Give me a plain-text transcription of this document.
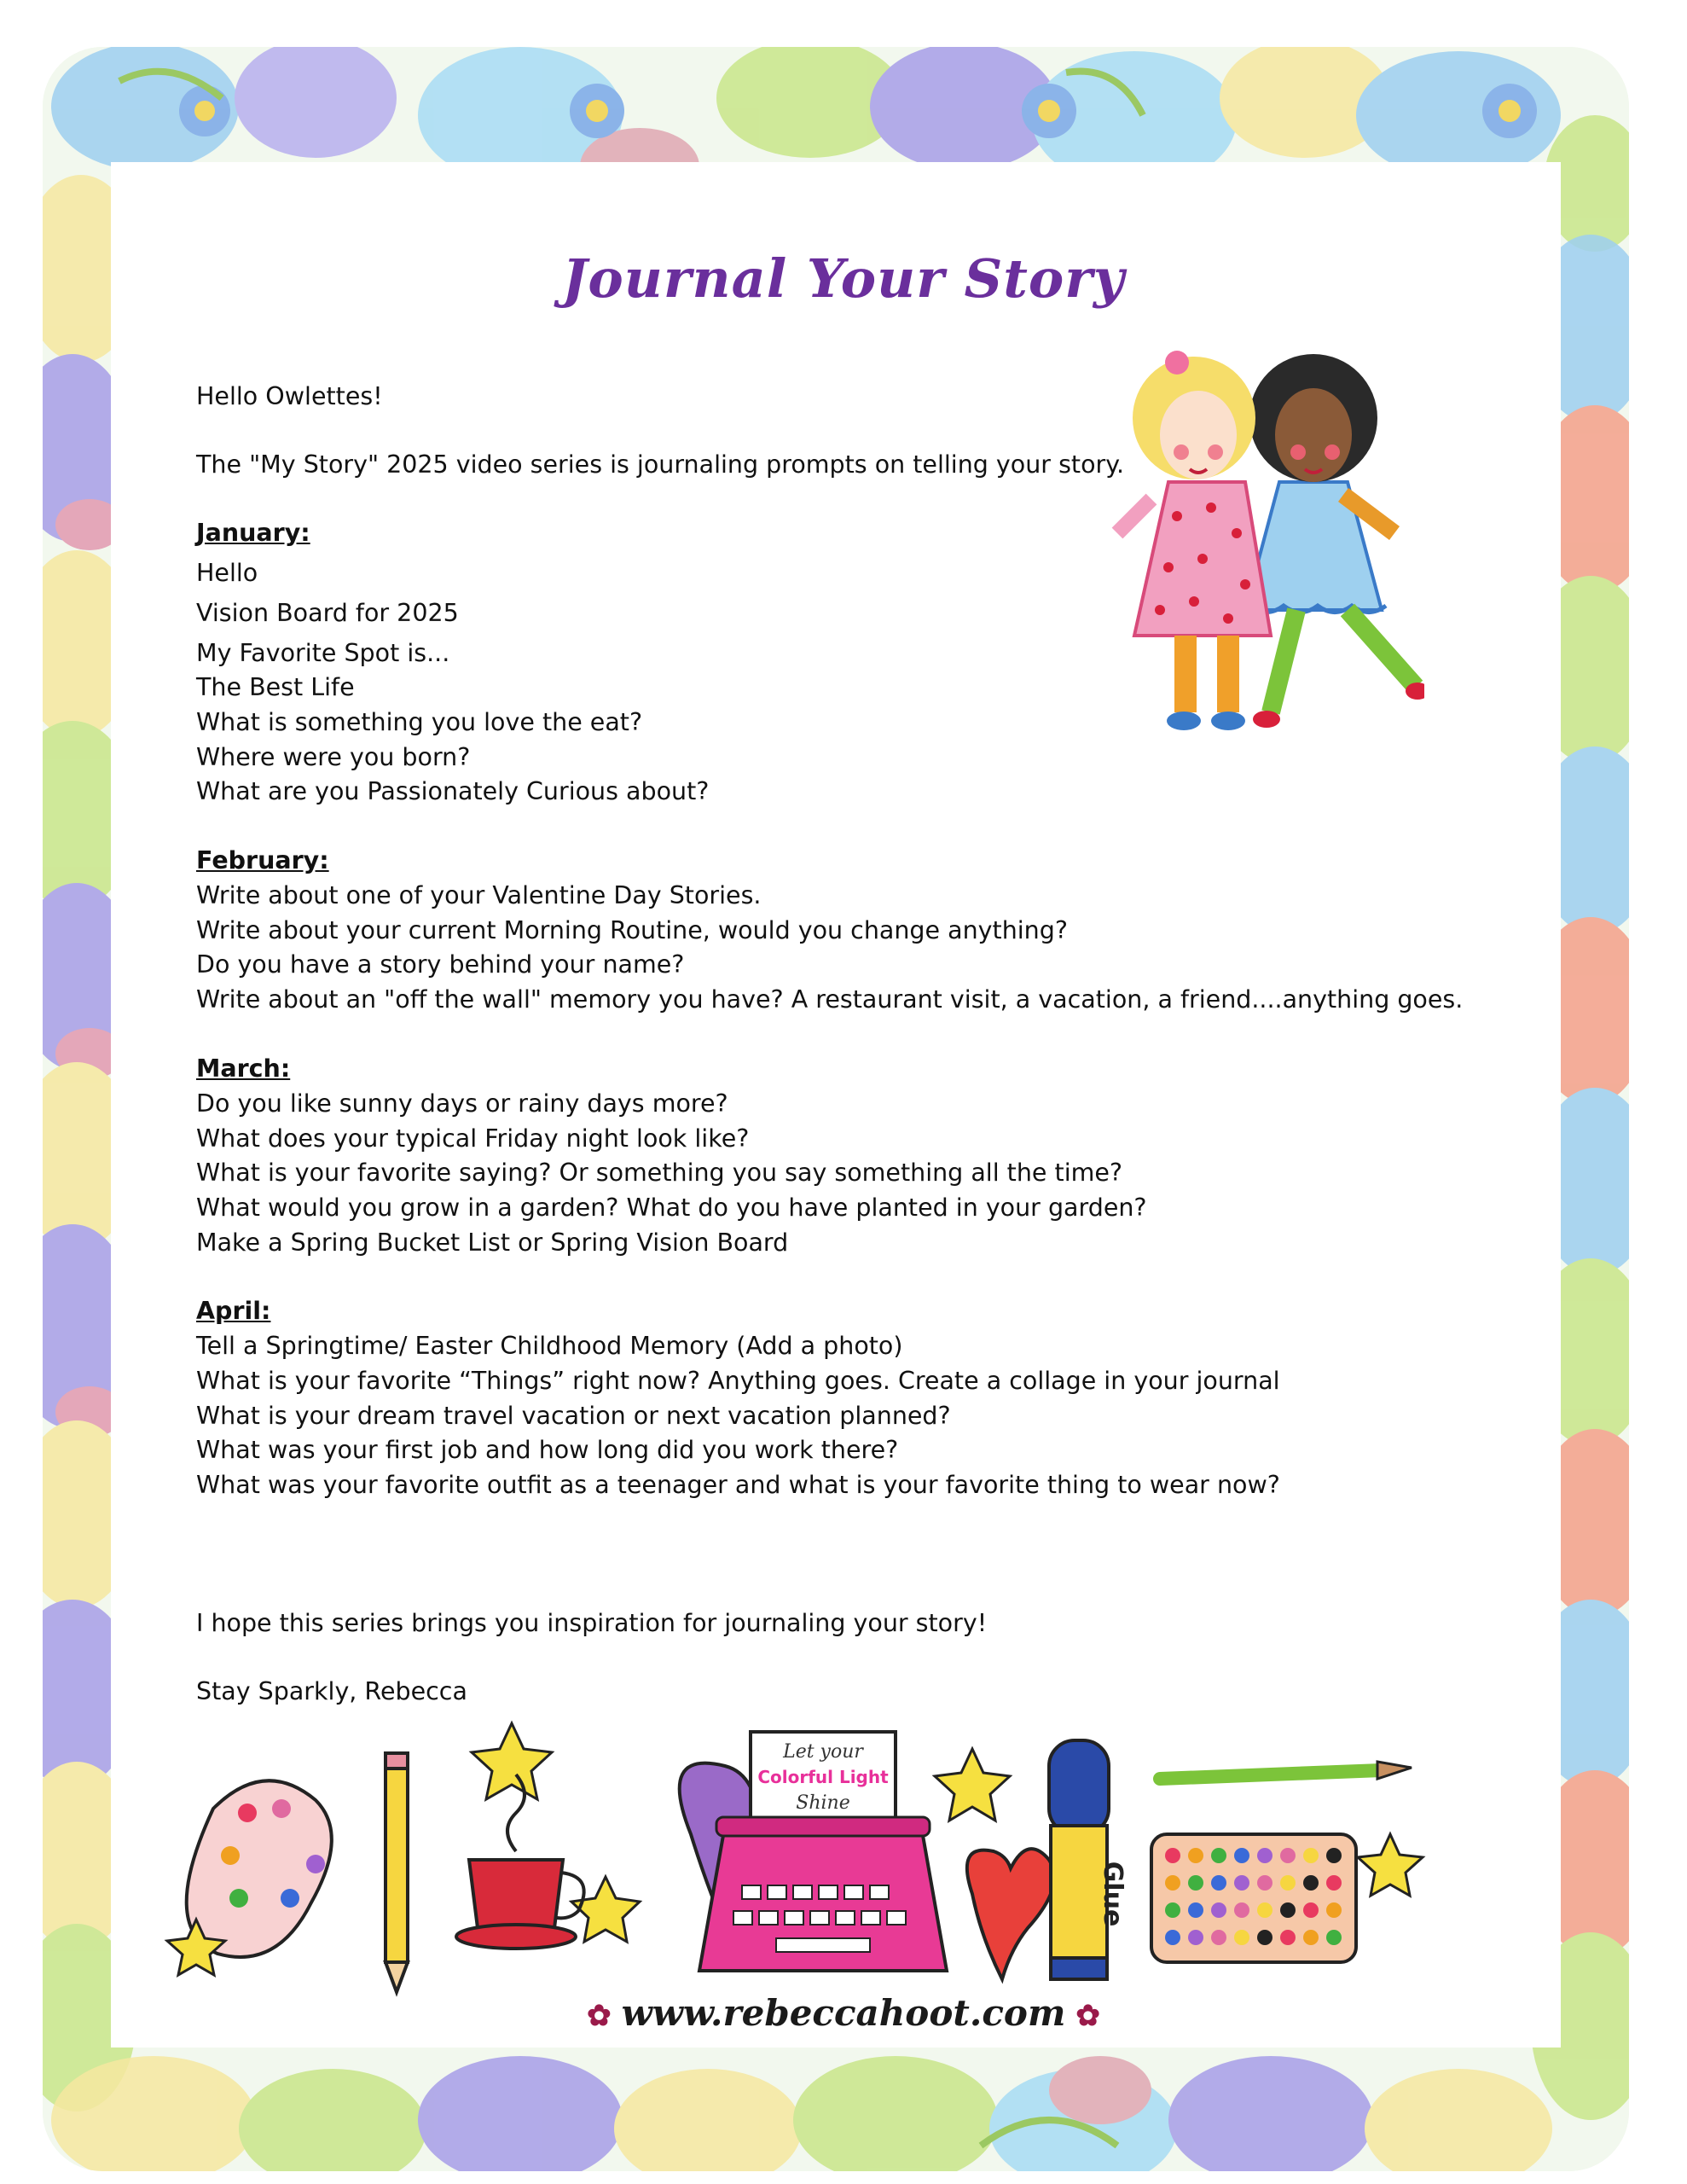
Journal Your Story
Hello Owlettes!
The "My Story" 2025 video series is journaling prompts on telling your story.
January:
Hello
Vision Board for 2025
My Favorite Spot is...
The Best Life
What is something you love the eat?
Where were you born?
What are you Passionately Curious about?
February:
Write about one of your Valentine Day Stories.
Write about your current Morning Routine, would you change anything?
Do you have a story behind your name?
Write about an "off the wall" memory you have? A restaurant visit, a vacation, a friend....anything goes.
March:
Do you like sunny days or rainy days more?
What does your typical Friday night look like?
What is your favorite saying? Or something you say something all the time?
What would you grow in a garden? What do you have planted in your garden?
Make a Spring Bucket List or Spring Vision Board
April:
Tell a Springtime/ Easter Childhood Memory (Add a photo)
What is your favorite “Things” right now? Anything goes. Create a collage in your journal
What is your dream travel vacation or next vacation planned?
What was your first job and how long did you work there?
What was your favorite outfit as a teenager and what is your favorite thing to wear now?
I hope this series brings you inspiration for journaling your story!
Stay Sparkly, Rebecca
Let your
Colorful Light
Shine
Glue
✿ www.rebeccahoot.com ✿
